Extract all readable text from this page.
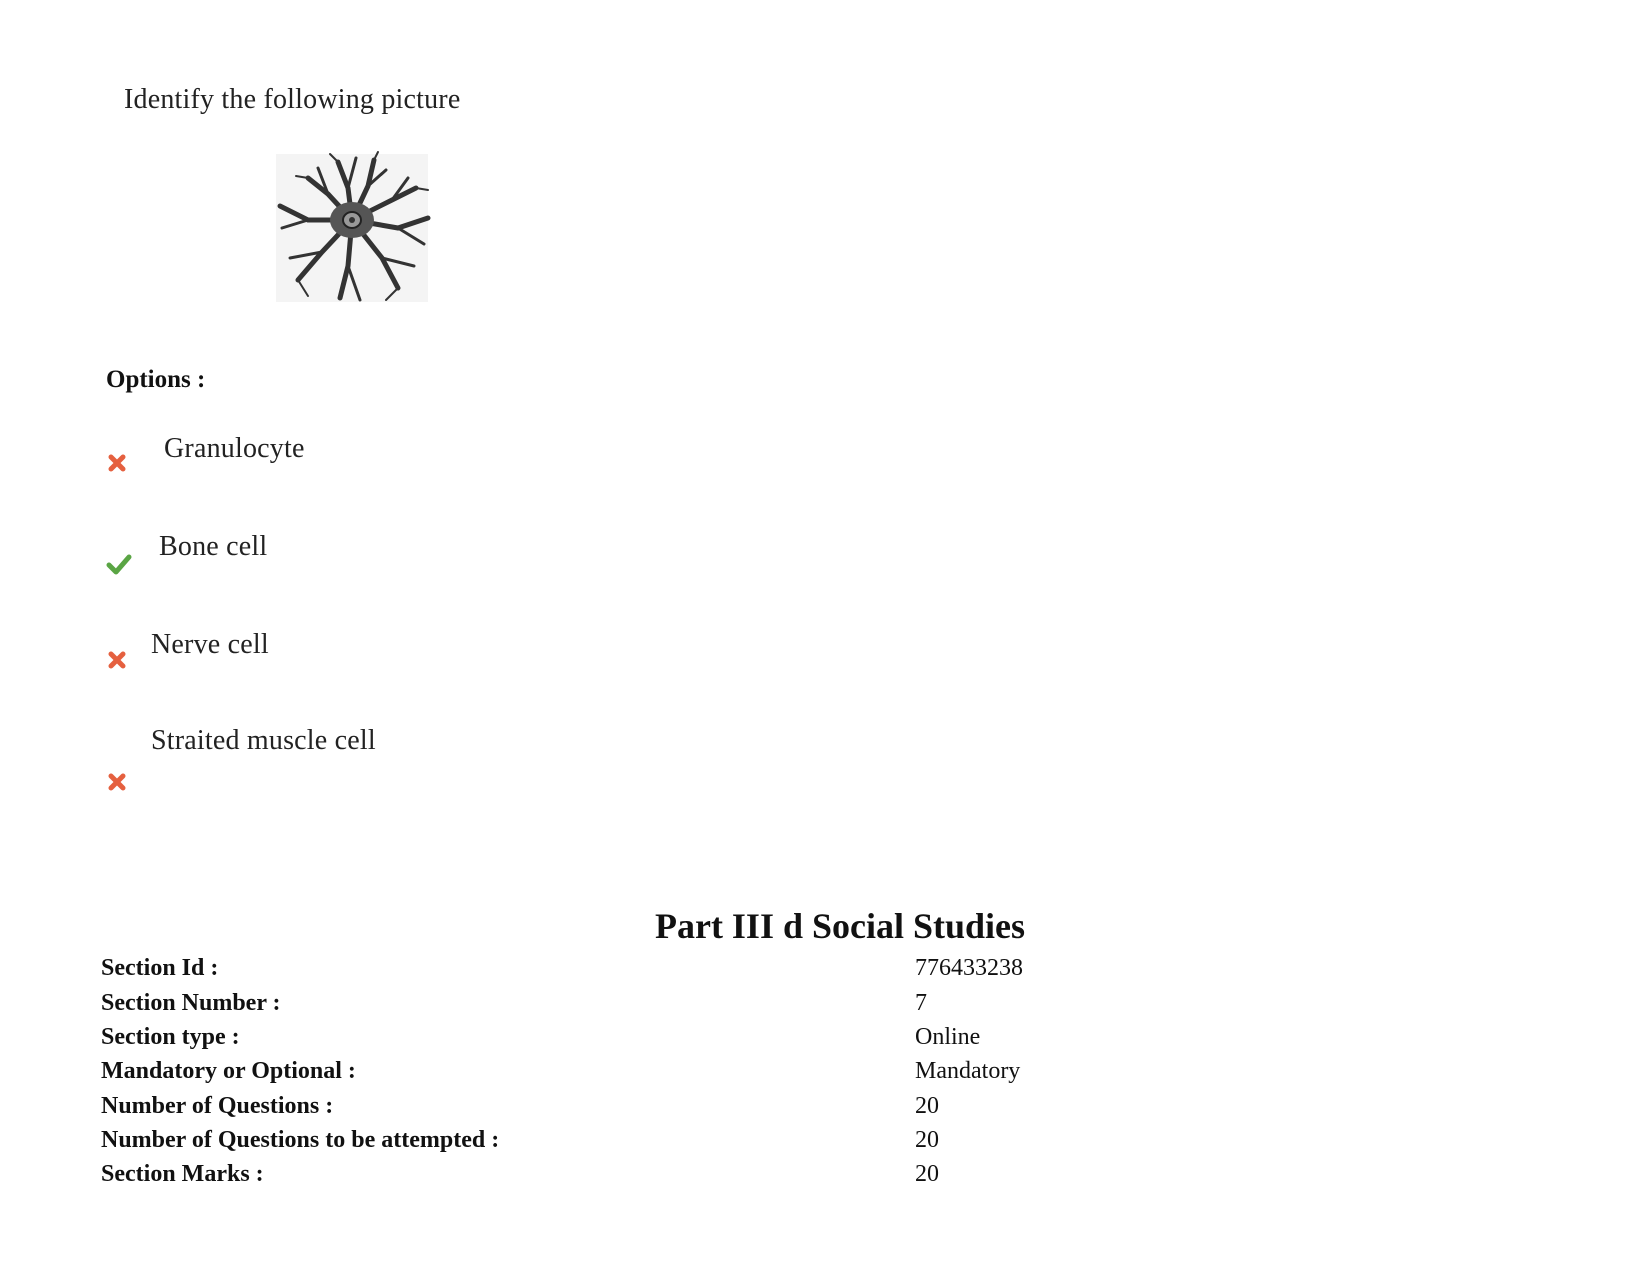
Identify the following picture
Options :
Granulocyte
Bone cell
Nerve cell
Straited muscle cell
Part III d Social Studies
Section Id :	776433238
Section Number :	7
Section type :	Online
Mandatory or Optional :	Mandatory
Number of Questions :	20
Number of Questions to be attempted :	20
Section Marks :	20
